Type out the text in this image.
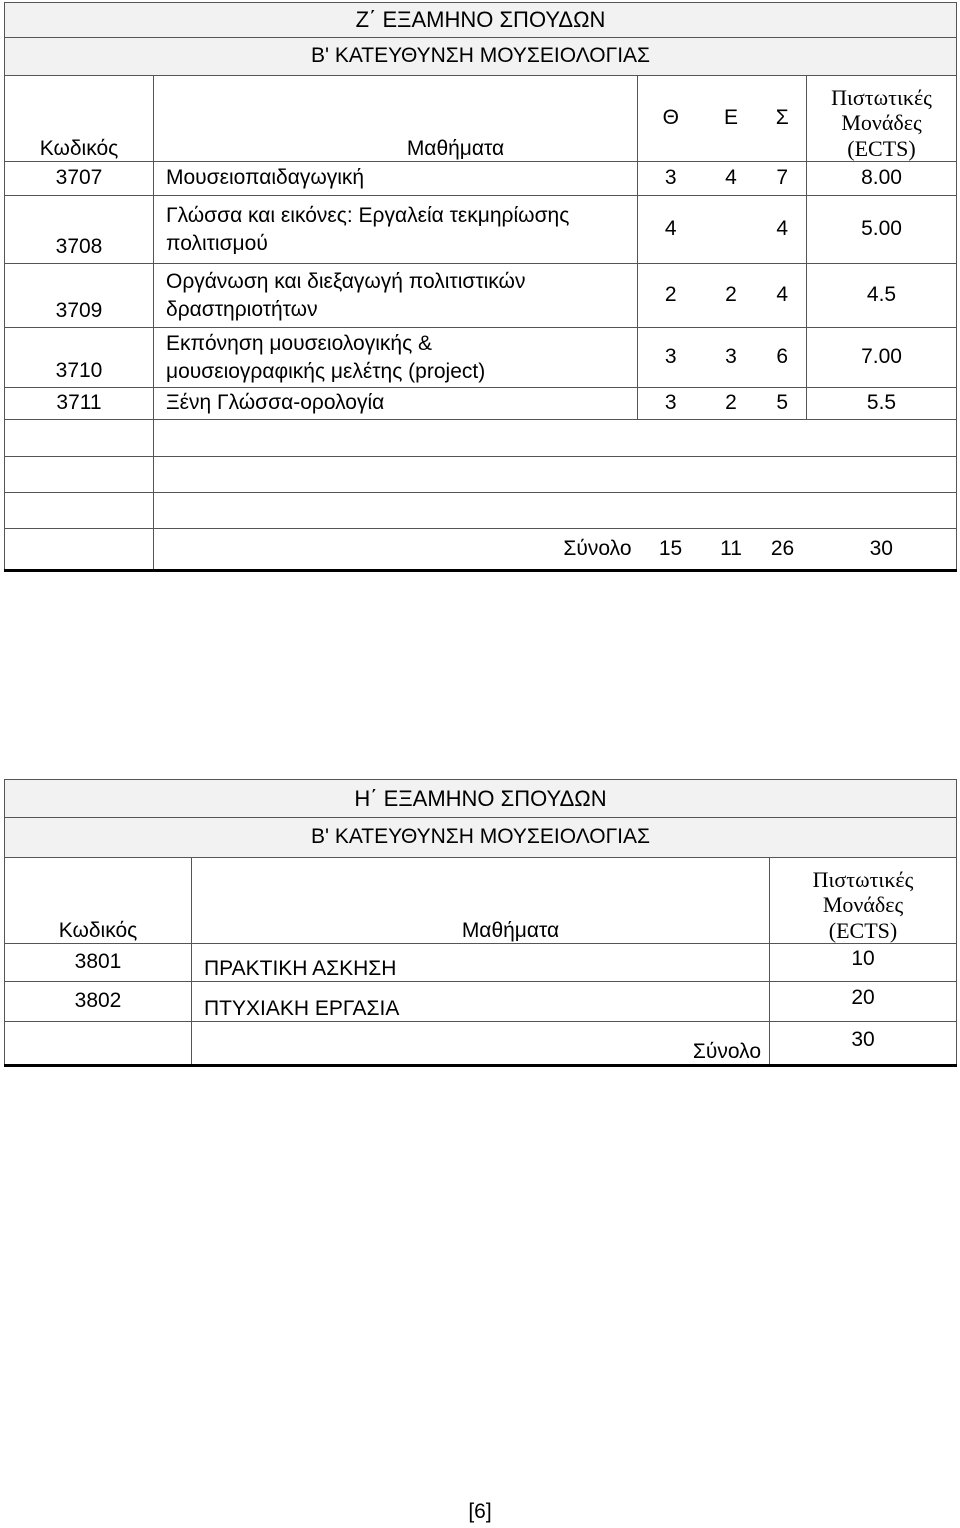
Ζ΄ ΕΞΑΜΗΝΟ ΣΠΟΥΔΩΝ					
Β' ΚΑΤΕΥΘΥΝΣΗ ΜΟΥΣΕΙΟΛΟΓΙΑΣ					
Κωδικός	Μαθήματα	Θ	Ε	Σ	Πιστωτικές
Μονάδες
(ECTS)

3707	Μουσειοπαιδαγωγική	3	4	7	8.00
3708	Γλώσσα και εικόνες: Εργαλεία τεκμηρίωσης
πολιτισμού	4		4	5.00
3709	Οργάνωση και διεξαγωγή πολιτιστικών
δραστηριοτήτων	2	2	4	4.5
3710	Εκπόνηση μουσειολογικής &
μουσειογραφικής μελέτης (project)	3	3	6	7.00
3711	Ξένη Γλώσσα-ορολογία	3	2	5	5.5

	Σύνολο	15	11	26	30
Η΄ ΕΞΑΜΗΝΟ ΣΠΟΥΔΩΝ		
Β' ΚΑΤΕΥΘΥΝΣΗ ΜΟΥΣΕΙΟΛΟΓΙΑΣ		
Κωδικός	Μαθήματα	Πιστωτικές
Μονάδες
(ECTS)

3801	ΠΡΑΚΤΙΚΗ ΑΣΚΗΣΗ	10
3802	ΠΤΥΧΙΑΚΗ ΕΡΓΑΣΙΑ	20
	Σύνολο	30
[6]
